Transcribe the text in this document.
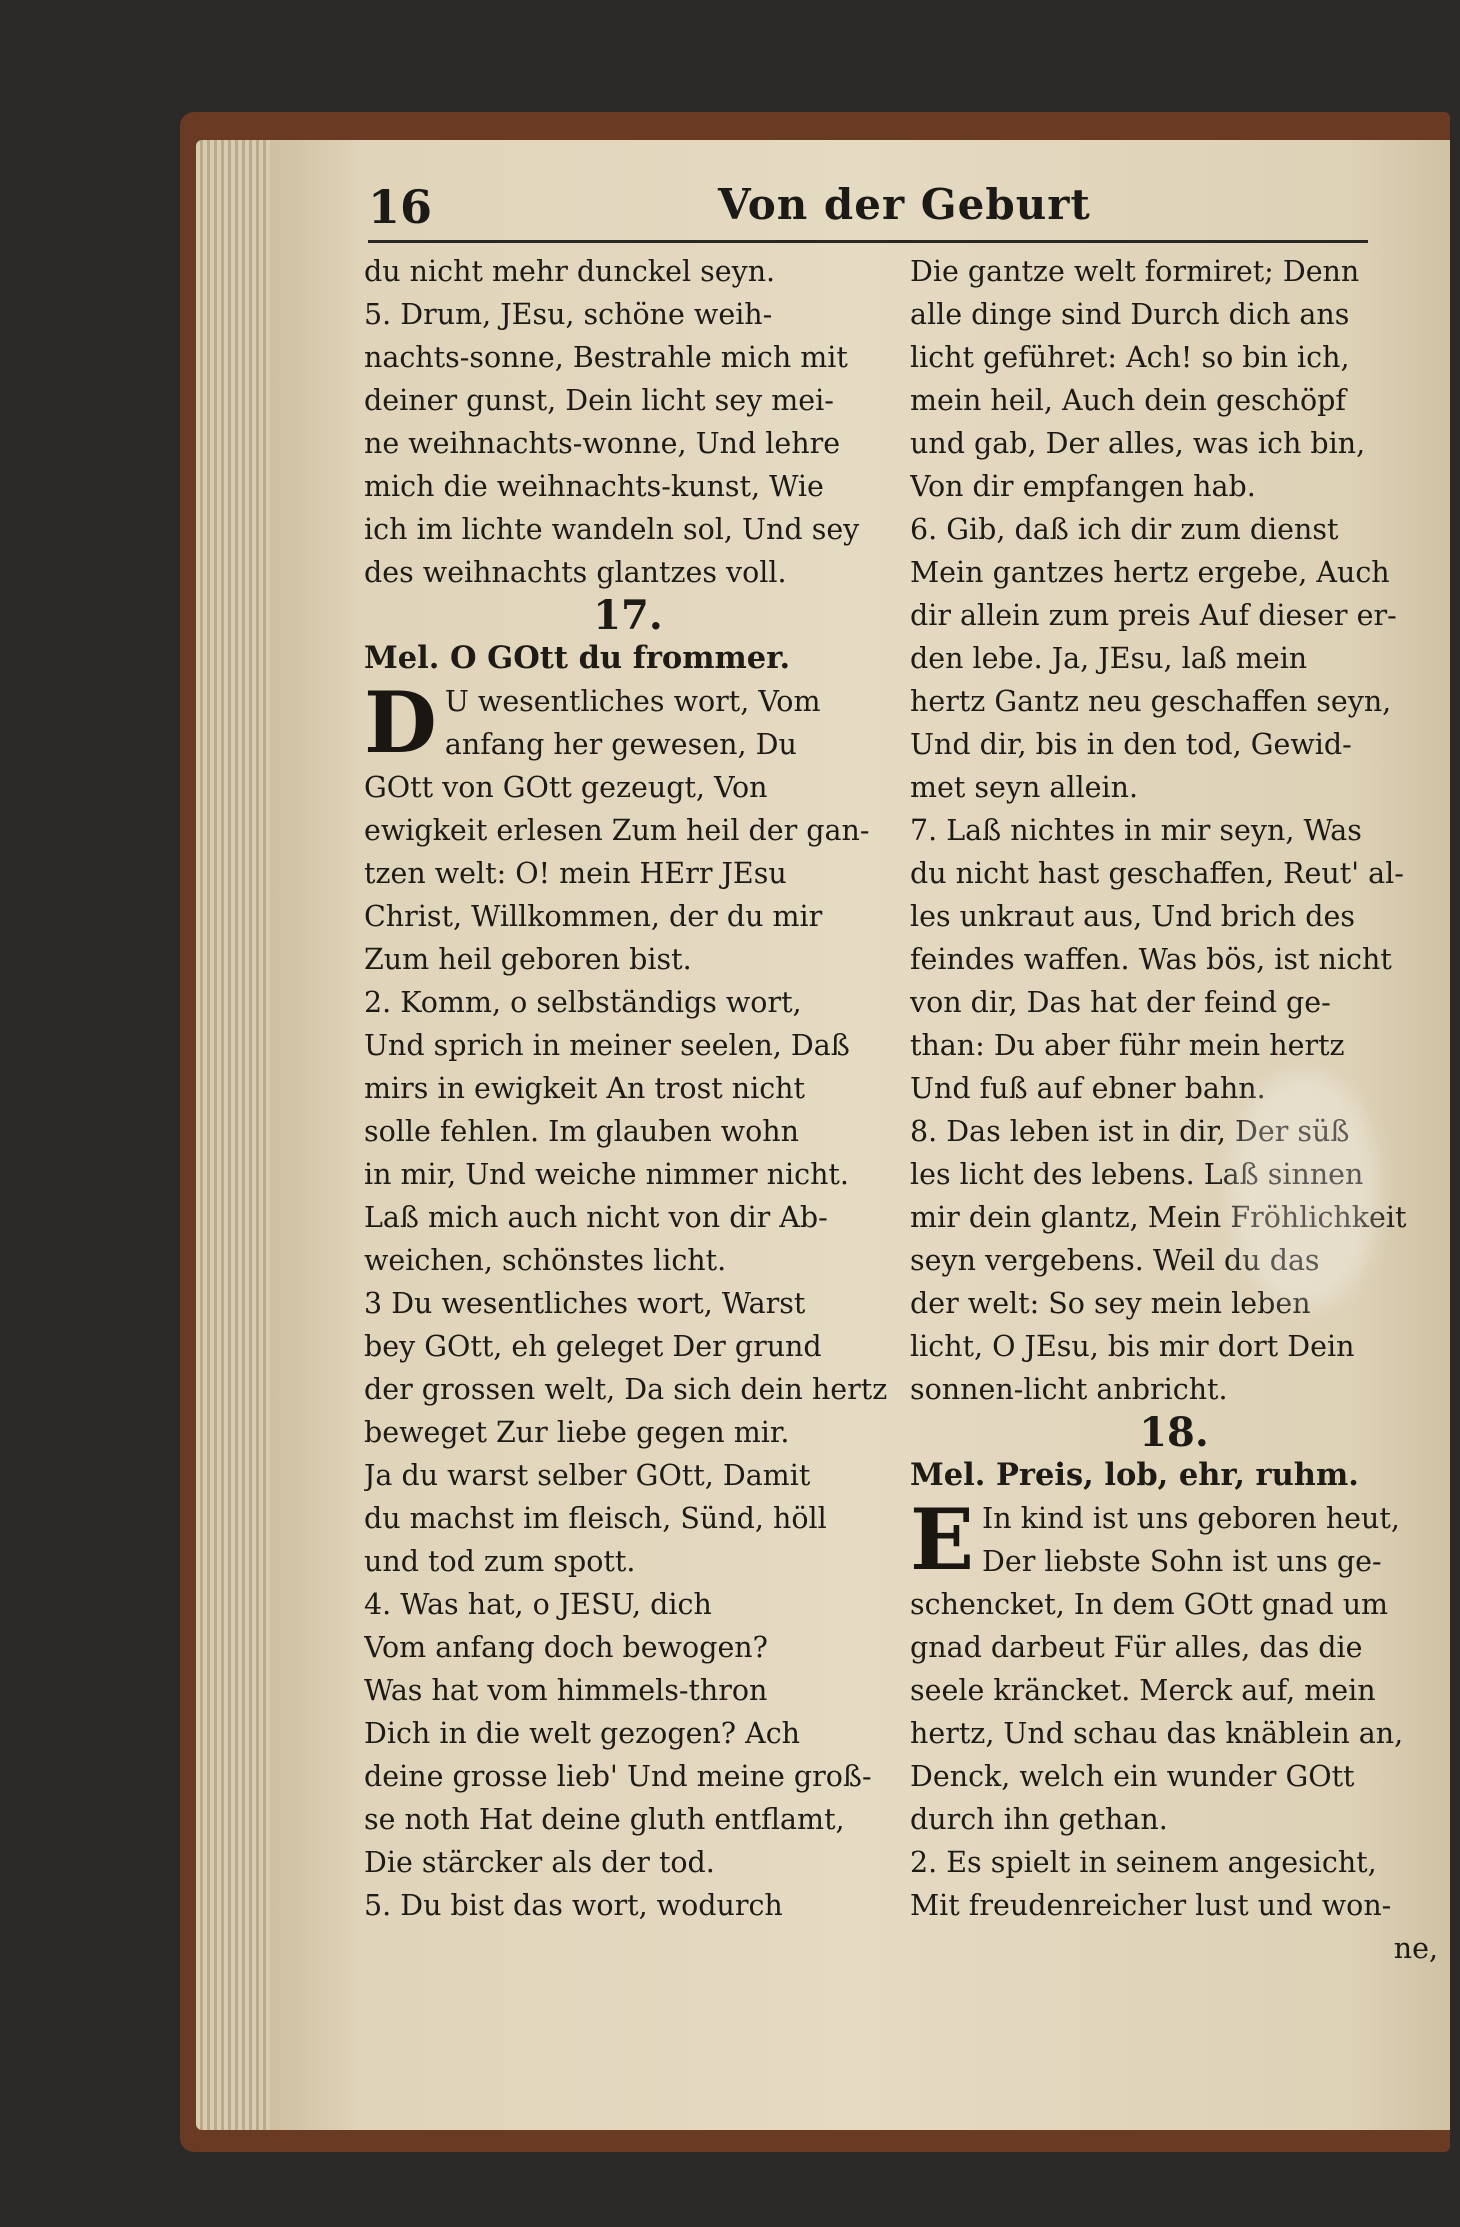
16	Von der Geburt
du nicht mehr dunckel seyn.
5. Drum, JEsu, schöne weih-
nachts-sonne, Bestrahle mich mit
deiner gunst, Dein licht sey mei-
ne weihnachts-wonne, Und lehre
mich die weihnachts-kunst, Wie
ich im lichte wandeln sol, Und sey
des weihnachts glantzes voll.
17.
Mel. O GOtt du frommer.
D U wesentliches wort, Vom
anfang her gewesen, Du
GOtt von GOtt gezeugt, Von
ewigkeit erlesen Zum heil der gan-
tzen welt: O! mein HErr JEsu
Christ, Willkommen, der du mir
Zum heil geboren bist.
2. Komm, o selbständigs wort,
Und sprich in meiner seelen, Daß
mirs in ewigkeit An trost nicht
solle fehlen. Im glauben wohn
in mir, Und weiche nimmer nicht.
Laß mich auch nicht von dir Ab-
weichen, schönstes licht.
3 Du wesentliches wort, Warst
bey GOtt, eh geleget Der grund
der grossen welt, Da sich dein hertz
beweget Zur liebe gegen mir.
Ja du warst selber GOtt, Damit
du machst im fleisch, Sünd, höll
und tod zum spott.
4. Was hat, o JESU, dich
Vom anfang doch bewogen?
Was hat vom himmels-thron
Dich in die welt gezogen? Ach
deine grosse lieb' Und meine groß-
se noth Hat deine gluth entflamt,
Die stärcker als der tod.
5. Du bist das wort, wodurch
Die gantze welt formiret; Denn
alle dinge sind Durch dich ans
licht geführet: Ach! so bin ich,
mein heil, Auch dein geschöpf
und gab, Der alles, was ich bin,
Von dir empfangen hab.
6. Gib, daß ich dir zum dienst
Mein gantzes hertz ergebe, Auch
dir allein zum preis Auf dieser er-
den lebe. Ja, JEsu, laß mein
hertz Gantz neu geschaffen seyn,
Und dir, bis in den tod, Gewid-
met seyn allein.
7. Laß nichtes in mir seyn, Was
du nicht hast geschaffen, Reut' al-
les unkraut aus, Und brich des
feindes waffen. Was bös, ist nicht
von dir, Das hat der feind ge-
than: Du aber führ mein hertz
Und fuß auf ebner bahn.
8. Das leben ist in dir, Der süß
les licht des lebens. Laß sinnen
mir dein glantz, Mein Fröhlichkeit
seyn vergebens. Weil du das
der welt: So sey mein leben
licht, O JEsu, bis mir dort Dein
sonnen-licht anbricht.
18.
Mel. Preis, lob, ehr, ruhm.
E In kind ist uns geboren heut,
Der liebste Sohn ist uns ge-
schencket, In dem GOtt gnad um
gnad darbeut Für alles, das die
seele kräncket. Merck auf, mein
hertz, Und schau das knäblein an,
Denck, welch ein wunder GOtt
durch ihn gethan.
2. Es spielt in seinem angesicht,
Mit freudenreicher lust und won-
ne,
